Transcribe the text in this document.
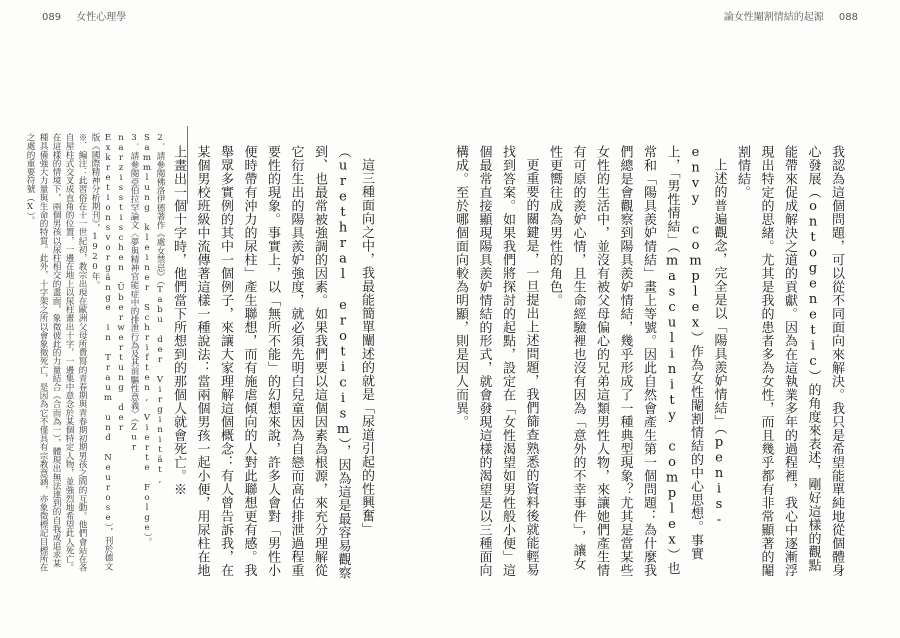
089 女性心理學	論女性閹割情結的起源 088

我認為這個問題，可以從不同面向來解決。我只是希望能單純地從個體身心發展（ontogenetic）的角度來表述，剛好這樣的觀點能帶來促成解決之道的貢獻。因為在這執業多年的過程裡，我心中逐漸浮現出特定的思緒。尤其是我的患者多為女性，而且幾乎都有非常顯著的閹割情結。

上述的普遍觀念，完全是以「陽具羨妒情結」（penis-envy complex）作為女性閹割情結的中心思想。事實上，「男性情結」（masculinity complex）也常和「陽具羨妒情結」畫上等號。因此自然會產生第一個問題：為什麼我們總是會觀察到陽具羨妒情結，幾乎形成了一種典型現象？尤其是當某些女性的生活中，並沒有被父母偏心的兄弟這類男性人物，來讓她們產生情有可原的羨妒心情，且生命經驗裡也沒有因為「意外的不幸事件」，讓女性更嚮往成為男性的角色。

更重要的關鍵是，一旦提出上述問題，我們篩查熟悉的資料後就能輕易找到答案。如果我們將探討的起點，設定在「女性渴望如男性般小便」這個最常直接顯現陽具羨妒情結的形式，就會發現這樣的渴望是以三種面向構成。至於哪個面向較為明顯，則是因人而異。

這三種面向之中，我最能簡單闡述的就是「尿道引起的性興奮」（urethral eroticism），因為這是最容易觀察到、也最常被強調的因素。如果我們要以這個因素為根源，來充分理解從它衍生出的陽具羨妒強度，就必須先明白兒童因為自戀而高估排泄過程重要性的現象。事實上，以「無所不能」的幻想來說，許多人會對「男性小便時帶有沖力的尿柱」產生聯想，而有施虐傾向的人對此聯想更有感。我舉眾多實例的其中一個例子，來讓大家理解這個概念：有人曾告訴我，在某個男校班級中流傳著這樣一種說法：當兩個男孩一起小便，用尿柱在地上畫出一個十字時，他們當下所想到的那個人就會死亡。※

2．請參閱佛洛伊德著作《處女禁忌》（Tabu der Virginität, Sammlung kleiner Schriften, Vierte Folge）。

3．請參閱亞伯拉罕論文〈夢與精神官能症中的排泄行為及其前驅性意義〉（Zur narzisstischen Überwertung der Exkretionsvorgänge in Traum und Neurose），刊於德文版《國際精神分析期刊》，1920年。

※．編注：此習俗在十一世紀初，教宗出現在歐洲父母所費寫的青春期與青春期初期男孩之間的互動。他們會站在各自屋柱式交叉成直角的位置，一邊在地上以尿柱畫出十字，一邊集中意念於某個特定人物，並強烈地希望此人死亡。在這樣的情境下，兩個男孩以尿柱相交的畫面，象徵彼此的力量結合（合而為一），體現出無法達到的自我或追求某種具備強大力量與生命的特質。此外，十字架之所以會象徵死亡，是因為它不僅具有宗教意涵，亦象徵標記目標所在之處的重要符號（X）。
